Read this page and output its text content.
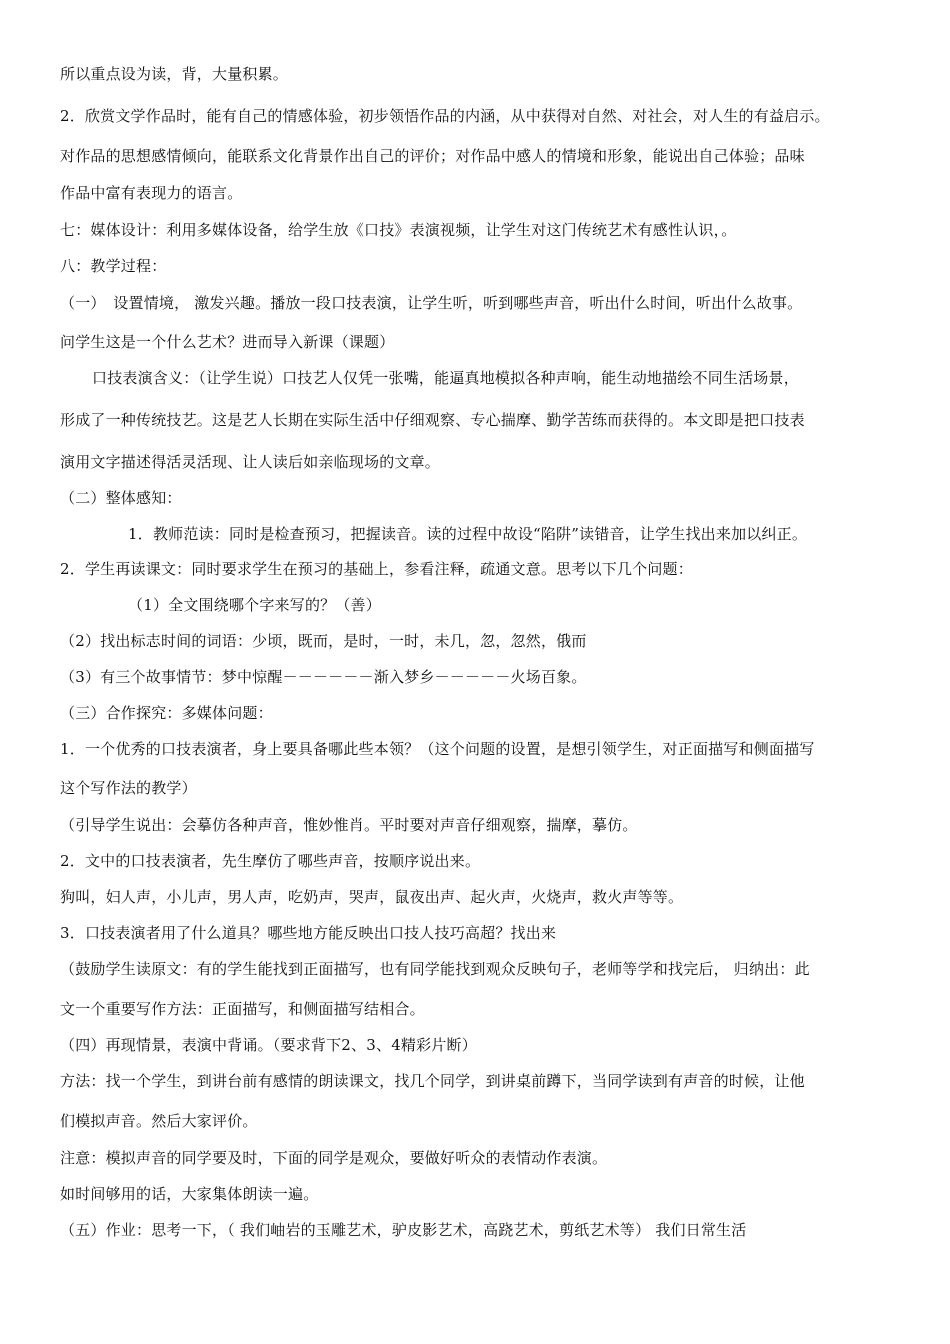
所以重点设为读，背，大量积累。
2．欣赏文学作品时，能有自己的情感体验，初步领悟作品的内涵，从中获得对自然、对社会，对人生的有益启示。
对作品的思想感情倾向，能联系文化背景作出自己的评价；对作品中感人的情境和形象，能说出自己体验；品味
作品中富有表现力的语言。
七：媒体设计：利用多媒体设备，给学生放《口技》表演视频，让学生对这门传统艺术有感性认识，。
八：教学过程：
（一）　设置情境， 激发兴趣。播放一段口技表演，让学生听，听到哪些声音，听出什么时间，听出什么故事。
问学生这是一个什么艺术？进而导入新课（课题）
口技表演含义：（让学生说）口技艺人仅凭一张嘴，能逼真地模拟各种声响，能生动地描绘不同生活场景，
形成了一种传统技艺。这是艺人长期在实际生活中仔细观察、专心揣摩、勤学苦练而获得的。本文即是把口技表
演用文字描述得活灵活现、让人读后如亲临现场的文章。
（二）整体感知：
1．教师范读：同时是检查预习，把握读音。读的过程中故设“陷阱”读错音，让学生找出来加以纠正。
2．学生再读课文：同时要求学生在预习的基础上，参看注释，疏通文意。思考以下几个问题：
（1）全文围绕哪个字来写的？（善）
（2）找出标志时间的词语：少顷，既而，是时，一时，未几，忽，忽然，俄而
（3）有三个故事情节：梦中惊醒－－－－－－渐入梦乡－－－－－火场百象。
（三）合作探究：多媒体问题：
1．一个优秀的口技表演者，身上要具备哪此些本领？（这个问题的设置，是想引领学生，对正面描写和侧面描写
这个写作法的教学）
（引导学生说出：会摹仿各种声音，惟妙惟肖。平时要对声音仔细观察，揣摩，摹仿。
2．文中的口技表演者，先生摩仿了哪些声音，按顺序说出来。
狗叫，妇人声，小儿声，男人声，吃奶声，哭声，鼠夜出声、起火声，火烧声，救火声等等。
3．口技表演者用了什么道具？哪些地方能反映出口技人技巧高超？找出来
（鼓励学生读原文：有的学生能找到正面描写，也有同学能找到观众反映句子，老师等学和找完后， 归纳出：此
文一个重要写作方法：正面描写，和侧面描写结相合。
（四）再现情景，表演中背诵。（要求背下2、3、4精彩片断）
方法：找一个学生，到讲台前有感情的朗读课文，找几个同学，到讲桌前蹲下，当同学读到有声音的时候，让他
们模拟声音。然后大家评价。
注意：模拟声音的同学要及时，下面的同学是观众，要做好听众的表情动作表演。
如时间够用的话，大家集体朗读一遍。
（五）作业：思考一下，（ 我们岫岩的玉雕艺术，驴皮影艺术，高跷艺术，剪纸艺术等） 我们日常生活
